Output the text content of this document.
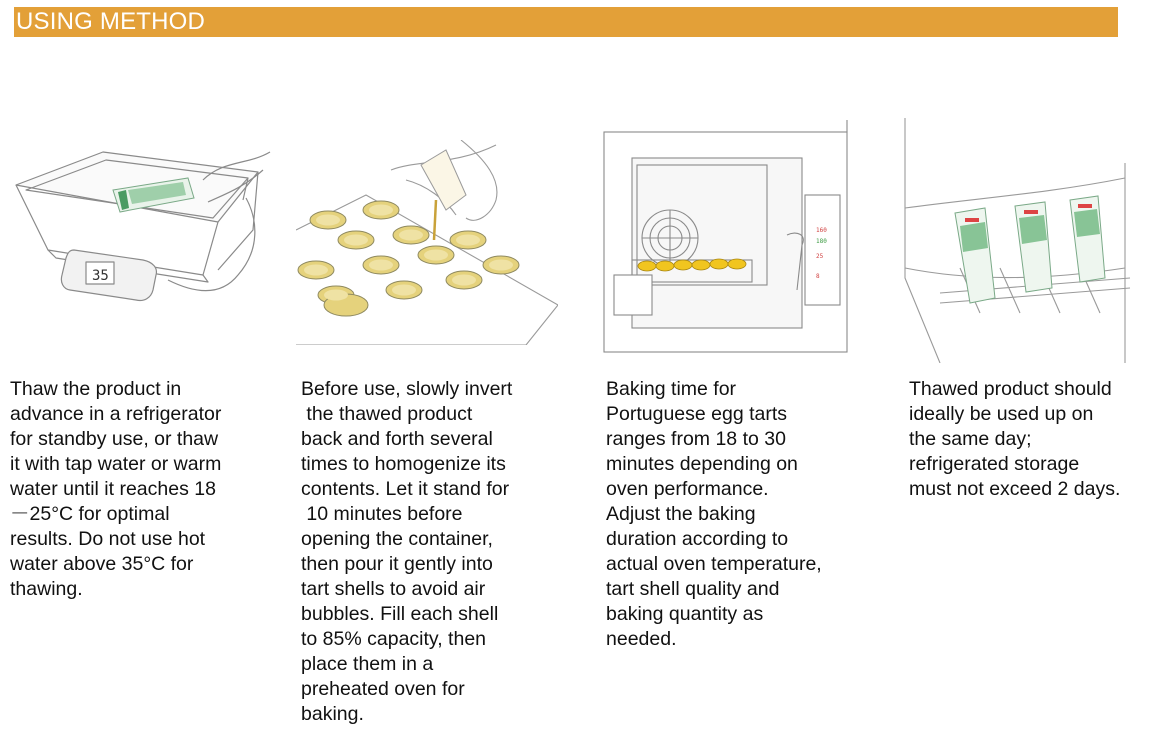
USING METHOD
35
160
180
25
8
Thaw the product in
advance in a refrigerator
for standby use, or thaw
it with tap water or warm
water until it reaches 18
－25°C for optimal
results. Do not use hot
water above 35°C for
thawing.
Before use, slowly invert
the thawed product
back and forth several
times to homogenize its
contents. Let it stand for
10 minutes before
opening the container,
then pour it gently into
tart shells to avoid air
bubbles. Fill each shell
to 85% capacity, then
place them in a
preheated oven for
baking.
Baking time for
Portuguese egg tarts
ranges from 18 to 30
minutes depending on
oven performance.
Adjust the baking
duration according to
actual oven temperature,
tart shell quality and
baking quantity as
needed.
Thawed product should
ideally be used up on
the same day;
refrigerated storage
must not exceed 2 days.
